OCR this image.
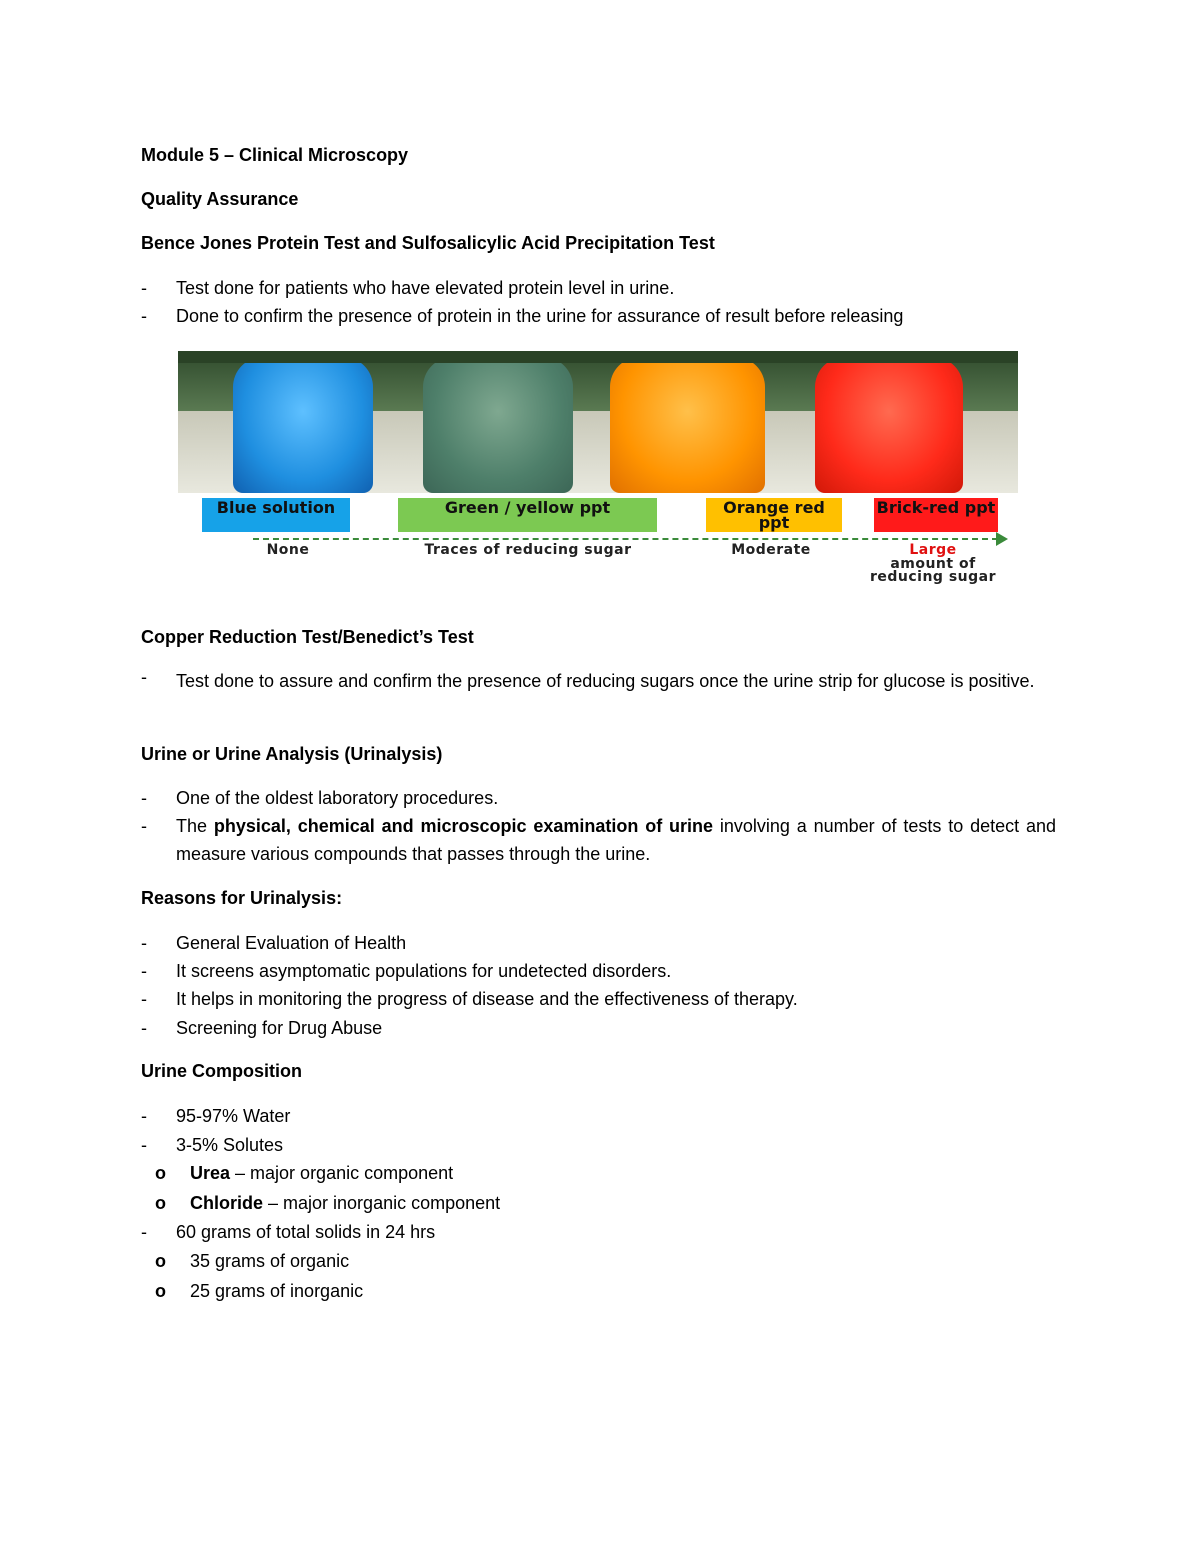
Module 5 – Clinical Microscopy
Quality Assurance
Bence Jones Protein Test and Sulfosalicylic Acid Precipitation Test
-	Test done for patients who have elevated protein level in urine.
-	Done to confirm the presence of protein in the urine for assurance of result before releasing
Blue solution	Green / yellow ppt	Orange red ppt
Brick-red ppt
None	Traces of reducing sugar	Moderate	Large
amount of reducing sugar
Copper Reduction Test/Benedict’s Test
-	Test done to assure and confirm the presence of reducing sugars once the urine strip for glucose is positive.
Urine or Urine Analysis (Urinalysis)
-	One of the oldest laboratory procedures.
-	The physical, chemical and microscopic examination of urine involving a number of tests to detect and measure various compounds that passes through the urine.
Reasons for Urinalysis:
-	General Evaluation of Health
-	It screens asymptomatic populations for undetected disorders.
-	It helps in monitoring the progress of disease and the effectiveness of therapy.
-	Screening for Drug Abuse
Urine Composition
-	95-97% Water
-	3-5% Solutes
o Urea – major organic component
o Chloride – major inorganic component
-	60 grams of total solids in 24 hrs
o 35 grams of organic
o 25 grams of inorganic
